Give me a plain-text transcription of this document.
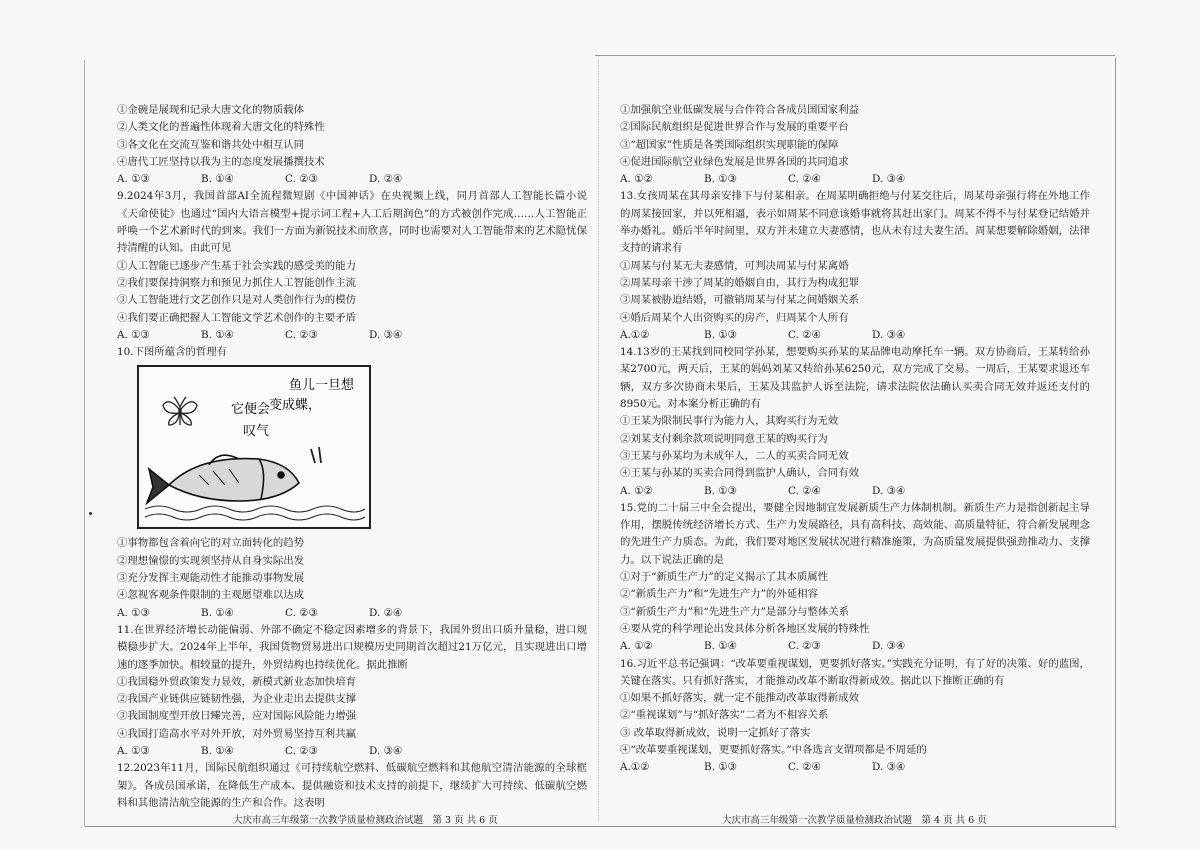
①金碗是展现和记录大唐文化的物质载体
②人类文化的普遍性体现着大唐文化的特殊性
③各文化在交流互鉴和谐共处中相互认同
④唐代工匠坚持以我为主的态度发展播撰技术
A. ①③	B. ①④	C. ②③	D. ②④
9.2024年3月，我国首部AI全流程微短剧《中国神话》在央视频上线，同月首部人工智能长篇小说《天命使徒》也通过“国内大语言模型+提示词工程+人工后期润色”的方式被创作完成……人工智能正呼唤一个艺术新时代的到来。我们一方面为新锐技术而欣喜，同时也需要对人工智能带来的艺术隐忧保持清醒的认知。由此可见
①人工智能已逐步产生基于社会实践的感受美的能力
②我们要保持洞察力和预见力抓住人工智能创作主流
③人工智能进行文艺创作只是对人类创作行为的模仿
④我们要正确把握人工智能文学艺术创作的主要矛盾
A. ①③	B. ①④	C. ②③	D. ③④
10.下图所蕴含的哲理有
鱼儿一旦想
变成蝶，
它便会
叹气
①事物都包含着向它的对立面转化的趋势
②理想憧憬的实现须坚持从自身实际出发
③充分发挥主观能动性才能推动事物发展
④忽视客观条件限制的主观愿望难以达成
A. ①③	B. ①④	C. ②③	D. ②④
11.在世界经济增长动能偏弱、外部不确定不稳定因素增多的背景下，我国外贸出口质升量稳，进口规模稳步扩大。2024年上半年，我国货物贸易进出口规模历史同期首次超过21万亿元，且实现进出口增速的逐季加快。相较量的提升，外贸结构也持续优化。据此推断
①我国稳外贸政策发力显效，新模式新业态加快培育
②我国产业链供应链韧性强，为企业走出去提供支撑
③我国制度型开放日臻完善，应对国际风险能力增强
④我国打造高水平对外开放，对外贸易坚持互利共赢
A. ①③	B. ①④	C. ②③	D. ③④
12.2023年11月，国际民航组织通过《可持续航空燃料、低碳航空燃料和其他航空清洁能源的全球框架》。各成员国承诺，在降低生产成本、提供融资和技术支持的前提下，继续扩大可持续、低碳航空燃料和其他清洁航空能源的生产和合作。这表明
①加强航空业低碳发展与合作符合各成员国国家利益
②国际民航组织是促进世界合作与发展的重要平台
③“超国家”性质是各类国际组织实现职能的保障
④促进国际航空业绿色发展是世界各国的共同追求
A. ①②	B. ①③	C. ②④	D. ③④
13.女孩周某在其母亲安排下与付某相亲。在周某明确拒绝与付某交往后，周某母亲强行将在外地工作的周某接回家，并以死相逼，表示如周某不同意该婚事就将其赶出家门。周某不得不与付某登记结婚并举办婚礼。婚后半年时间里，双方并未建立夫妻感情，也从未有过夫妻生活。周某想要解除婚姻，法律支持的请求有
①周某与付某无夫妻感情，可判决周某与付某离婚
②周某母亲干涉了周某的婚姻自由，其行为构成犯罪
③周某被胁迫结婚，可撤销周某与付某之间婚姻关系
④婚后周某个人出资购买的房产，归周某个人所有
A.①②	B. ①③	C. ②④	D. ③④
14.13岁的王某找到同校同学孙某，想要购买孙某的某品牌电动摩托车一辆。双方协商后，王某转给孙某2700元，两天后，王某的妈妈刘某又转给孙某6250元，双方完成了交易。一周后，王某要求退还车辆，双方多次协商未果后，王某及其监护人诉至法院，请求法院依法确认买卖合同无效并返还支付的8950元。对本案分析正确的有
①王某为限制民事行为能力人，其购买行为无效
②刘某支付剩余款项说明同意王某的购买行为
③王某与孙某均为未成年人，二人的买卖合同无效
④王某与孙某的买卖合同得到监护人确认，合同有效
A. ①②	B. ①③	C. ②④	D. ③④
15.党的二十届三中全会提出，要健全因地制宜发展新质生产力体制机制。新质生产力是指创新起主导作用，摆脱传统经济增长方式、生产力发展路径，具有高科技、高效能、高质量特征，符合新发展理念的先进生产力质态。为此，我们要对地区发展状况进行精准施策，为高质量发展提供强劲推动力、支撑力。以下说法正确的是
①对于“新质生产力”的定义揭示了其本质属性
②“新质生产力”和“先进生产力”的外延相容
③“新质生产力”和“先进生产力”是部分与整体关系
④要从党的科学理论出发具体分析各地区发展的特殊性
A. ①②	B. ①④	C. ②③	D. ③④
16.习近平总书记强调：“改革要重视谋划，更要抓好落实。”实践充分证明，有了好的决策、好的蓝图，关键在落实。只有抓好落实，才能推动改革不断取得新成效。据此以下推断正确的有
①如果不抓好落实，就一定不能推动改革取得新成效
②“重视谋划”与“抓好落实”二者为不相容关系
③ 改革取得新成效，说明一定抓好了落实
④“改革要重视谋划，更要抓好落实。”中各选言支谓项都是不周延的
A.①②	B. ①③	C. ②④	D. ③④
大庆市高三年级第一次教学质量检测政治试题　第 3 页 共 6 页	大庆市高三年级第一次教学质量检测政治试题　第 4 页 共 6 页
